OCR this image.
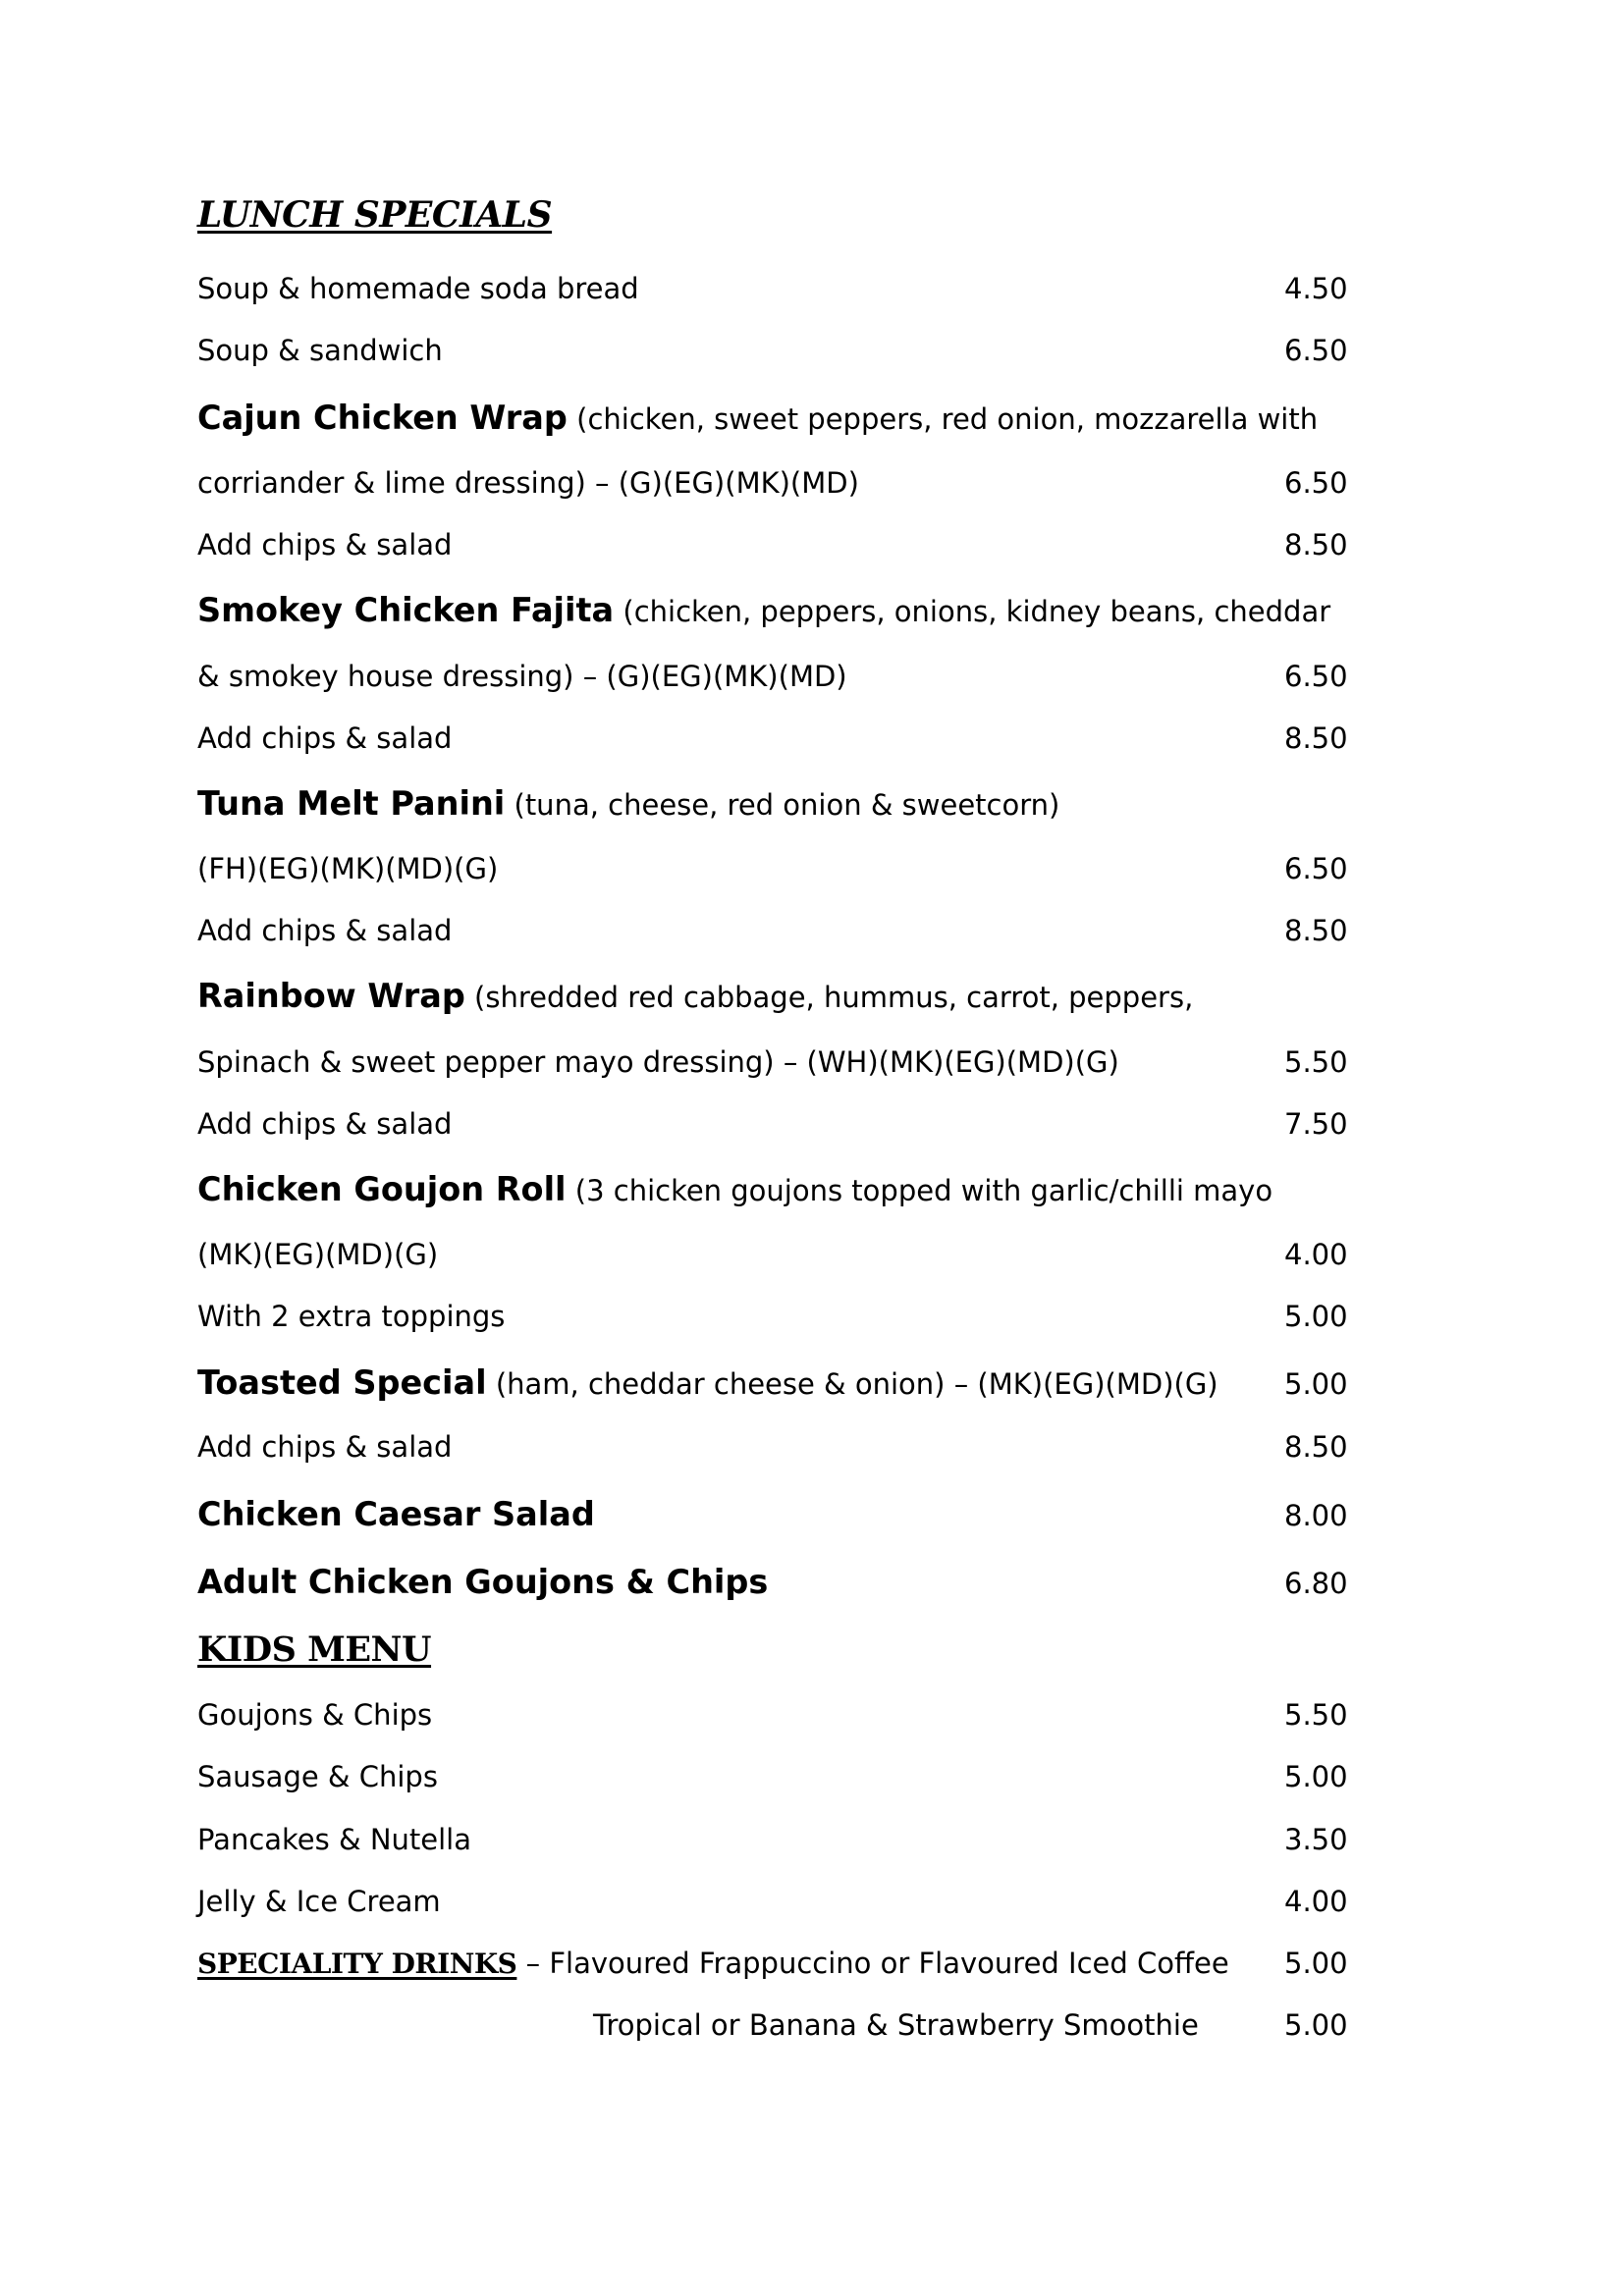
LUNCH SPECIALS
Soup & homemade soda bread	4.50
Soup & sandwich	6.50
Cajun Chicken Wrap (chicken, sweet peppers, red onion, mozzarella with
corriander & lime dressing) – (G)(EG)(MK)(MD)	6.50
Add chips & salad	8.50
Smokey Chicken Fajita (chicken, peppers, onions, kidney beans, cheddar
& smokey house dressing) – (G)(EG)(MK)(MD)	6.50
Add chips & salad	8.50
Tuna Melt Panini (tuna, cheese, red onion & sweetcorn)
(FH)(EG)(MK)(MD)(G)	6.50
Add chips & salad	8.50
Rainbow Wrap (shredded red cabbage, hummus, carrot, peppers,
Spinach & sweet pepper mayo dressing) – (WH)(MK)(EG)(MD)(G)	5.50
Add chips & salad	7.50
Chicken Goujon Roll (3 chicken goujons topped with garlic/chilli mayo
(MK)(EG)(MD)(G)	4.00
With 2 extra toppings	5.00
Toasted Special (ham, cheddar cheese & onion) – (MK)(EG)(MD)(G) 5.00
Add chips & salad	8.50
Chicken Caesar Salad	8.00
Adult Chicken Goujons & Chips	6.80
KIDS MENU
Goujons & Chips	5.50
Sausage & Chips	5.00
Pancakes & Nutella	3.50
Jelly & Ice Cream	4.00
SPECIALITY DRINKS – Flavoured Frappuccino or Flavoured Iced Coffee 5.00
Tropical or Banana & Strawberry Smoothie	5.00
